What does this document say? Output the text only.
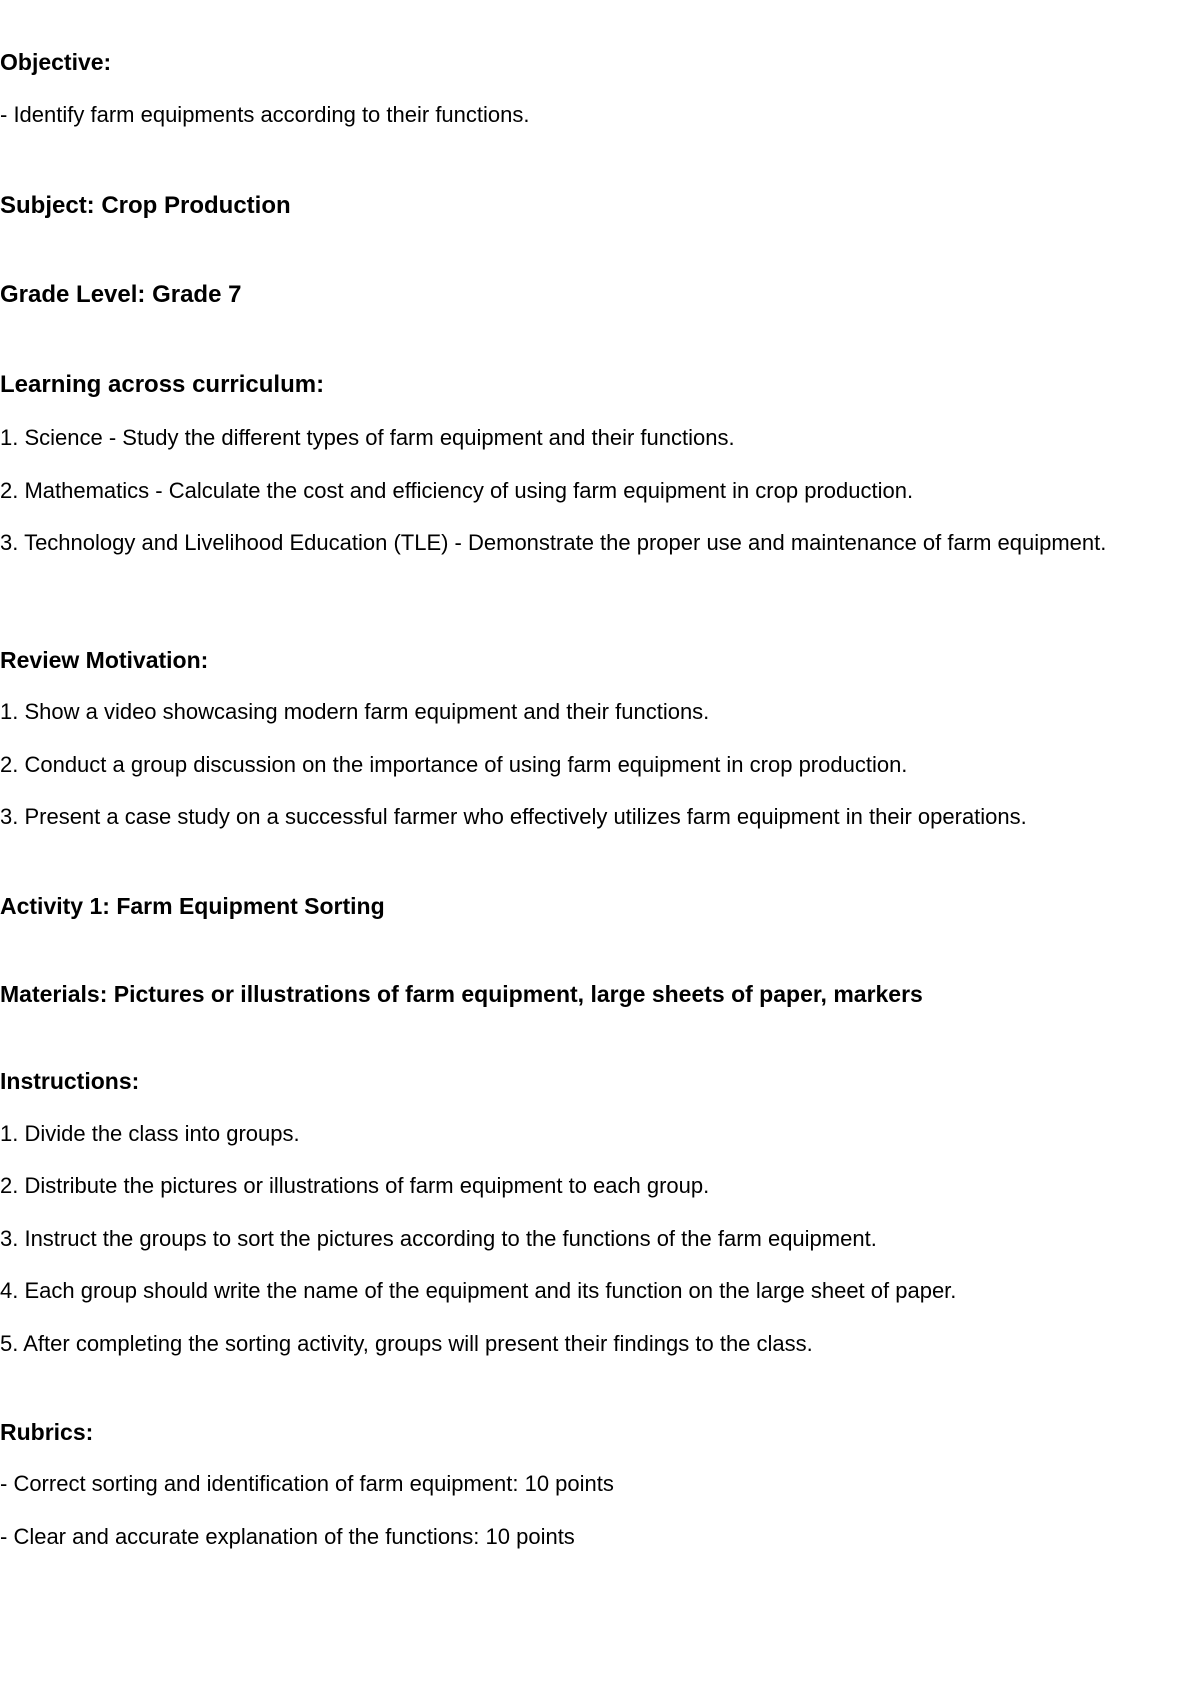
Objective:

- Identify farm equipments according to their functions.

Subject: Crop Production

Grade Level: Grade 7

Learning across curriculum:

1. Science - Study the different types of farm equipment and their functions.

2. Mathematics - Calculate the cost and efficiency of using farm equipment in crop production.

3. Technology and Livelihood Education (TLE) - Demonstrate the proper use and maintenance of farm equipment.

Review Motivation:

1. Show a video showcasing modern farm equipment and their functions.

2. Conduct a group discussion on the importance of using farm equipment in crop production.

3. Present a case study on a successful farmer who effectively utilizes farm equipment in their operations.

Activity 1: Farm Equipment Sorting

Materials: Pictures or illustrations of farm equipment, large sheets of paper, markers

Instructions:

1. Divide the class into groups.

2. Distribute the pictures or illustrations of farm equipment to each group.

3. Instruct the groups to sort the pictures according to the functions of the farm equipment.

4. Each group should write the name of the equipment and its function on the large sheet of paper.

5. After completing the sorting activity, groups will present their findings to the class.

Rubrics:

- Correct sorting and identification of farm equipment: 10 points

- Clear and accurate explanation of the functions: 10 points
